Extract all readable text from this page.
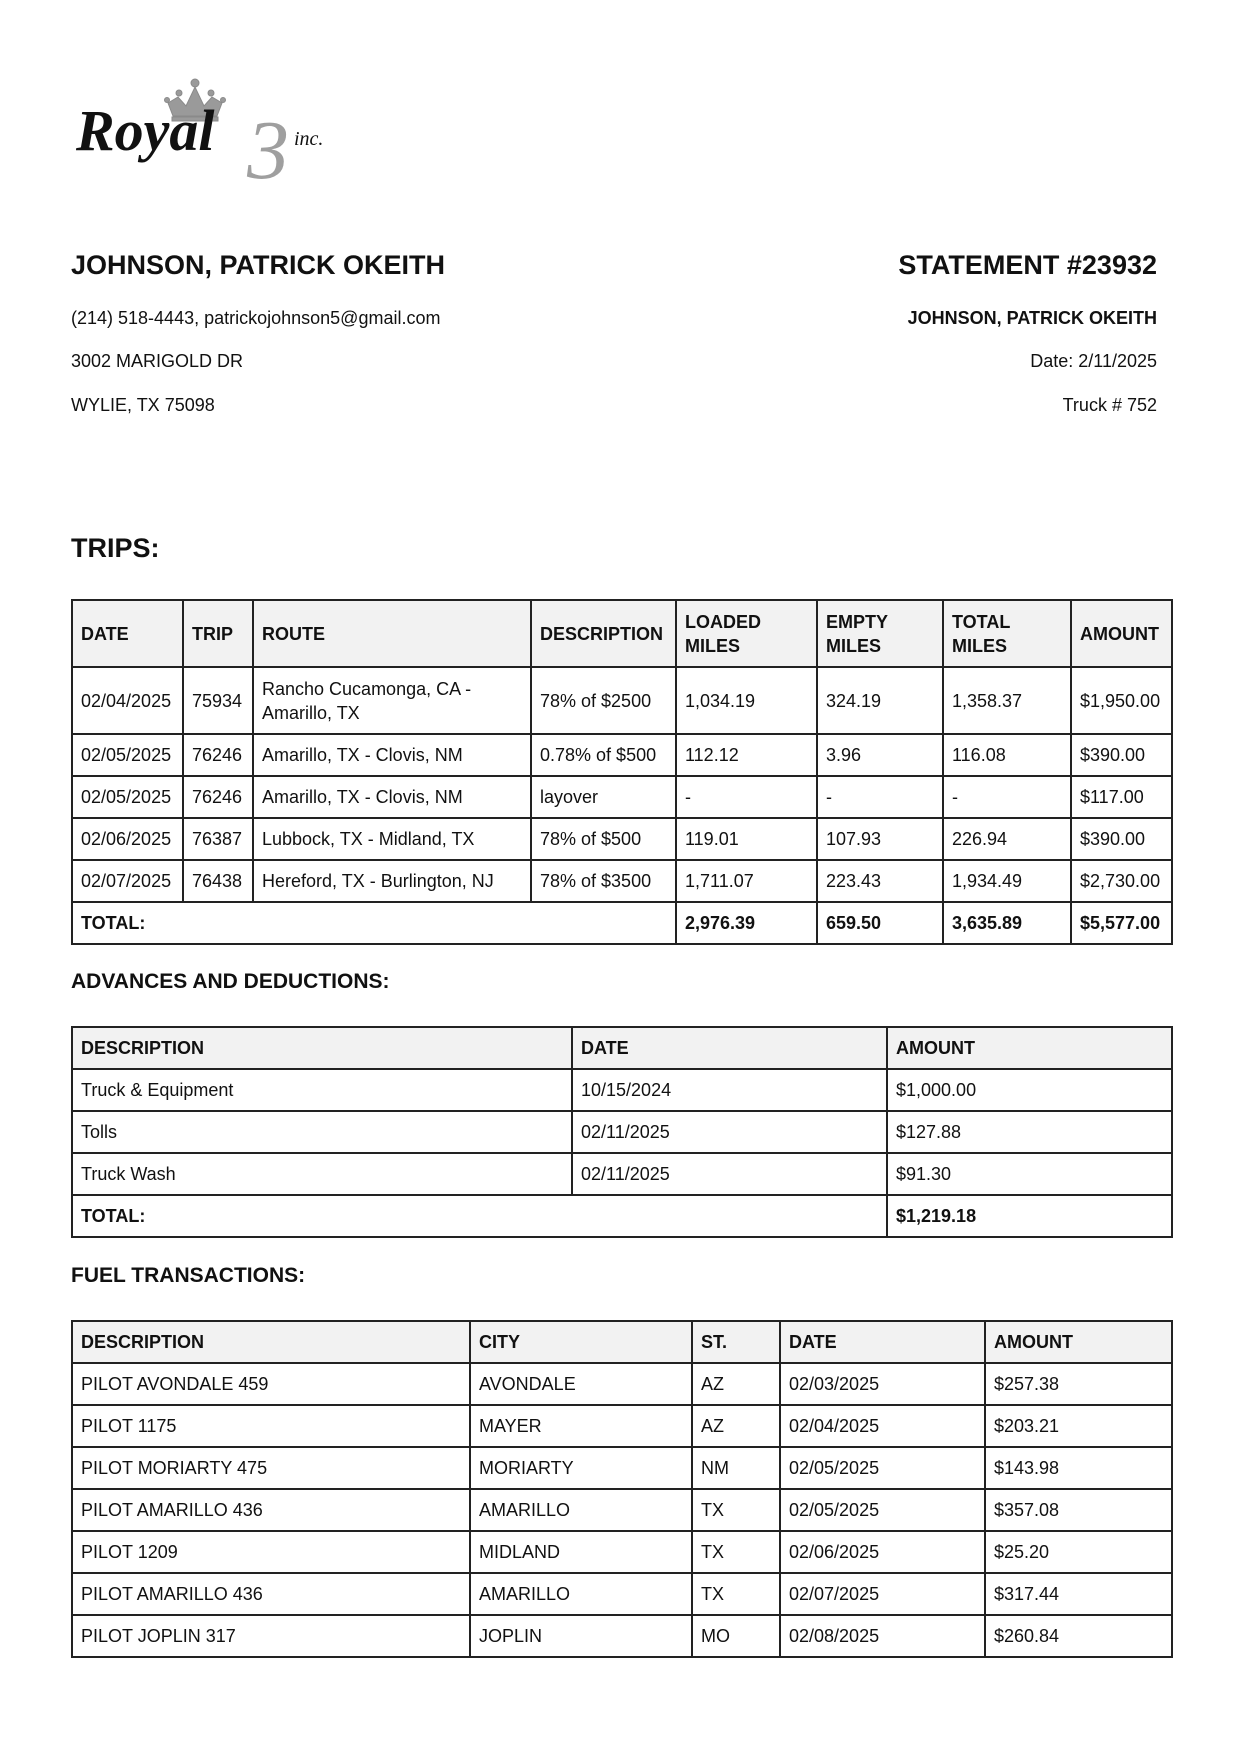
3
Royal	inc.
JOHNSON, PATRICK OKEITH	STATEMENT #23932
(214) 518-4443, patrickojohnson5@gmail.com
3002 MARIGOLD DR
WYLIE, TX 75098
JOHNSON, PATRICK OKEITH
Date: 2/11/2025
Truck # 752
TRIPS:
DATE	TRIP	ROUTE	DESCRIPTION	LOADED MILES	EMPTY MILES	TOTAL MILES	AMOUNT
02/04/2025	75934	Rancho Cucamonga, CA - Amarillo, TX	78% of $2500	1,034.19	324.19	1,358.37	$1,950.00
02/05/2025	76246	Amarillo, TX - Clovis, NM	0.78% of $500	112.12	3.96	116.08	$390.00
02/05/2025	76246	Amarillo, TX - Clovis, NM	layover	-	-	-	$117.00
02/06/2025	76387	Lubbock, TX - Midland, TX	78% of $500	119.01	107.93	226.94	$390.00
02/07/2025	76438	Hereford, TX - Burlington, NJ	78% of $3500	1,711.07	223.43	1,934.49	$2,730.00
TOTAL:				2,976.39	659.50	3,635.89	$5,577.00
ADVANCES AND DEDUCTIONS:
DESCRIPTION	DATE	AMOUNT
Truck & Equipment	10/15/2024	$1,000.00
Tolls	02/11/2025	$127.88
Truck Wash	02/11/2025	$91.30
TOTAL:		$1,219.18
FUEL TRANSACTIONS:
DESCRIPTION	CITY	ST.	DATE	AMOUNT
PILOT AVONDALE 459	AVONDALE	AZ	02/03/2025	$257.38
PILOT 1175	MAYER	AZ	02/04/2025	$203.21
PILOT MORIARTY 475	MORIARTY	NM	02/05/2025	$143.98
PILOT AMARILLO 436	AMARILLO	TX	02/05/2025	$357.08
PILOT 1209	MIDLAND	TX	02/06/2025	$25.20
PILOT AMARILLO 436	AMARILLO	TX	02/07/2025	$317.44
PILOT JOPLIN 317	JOPLIN	MO	02/08/2025	$260.84
